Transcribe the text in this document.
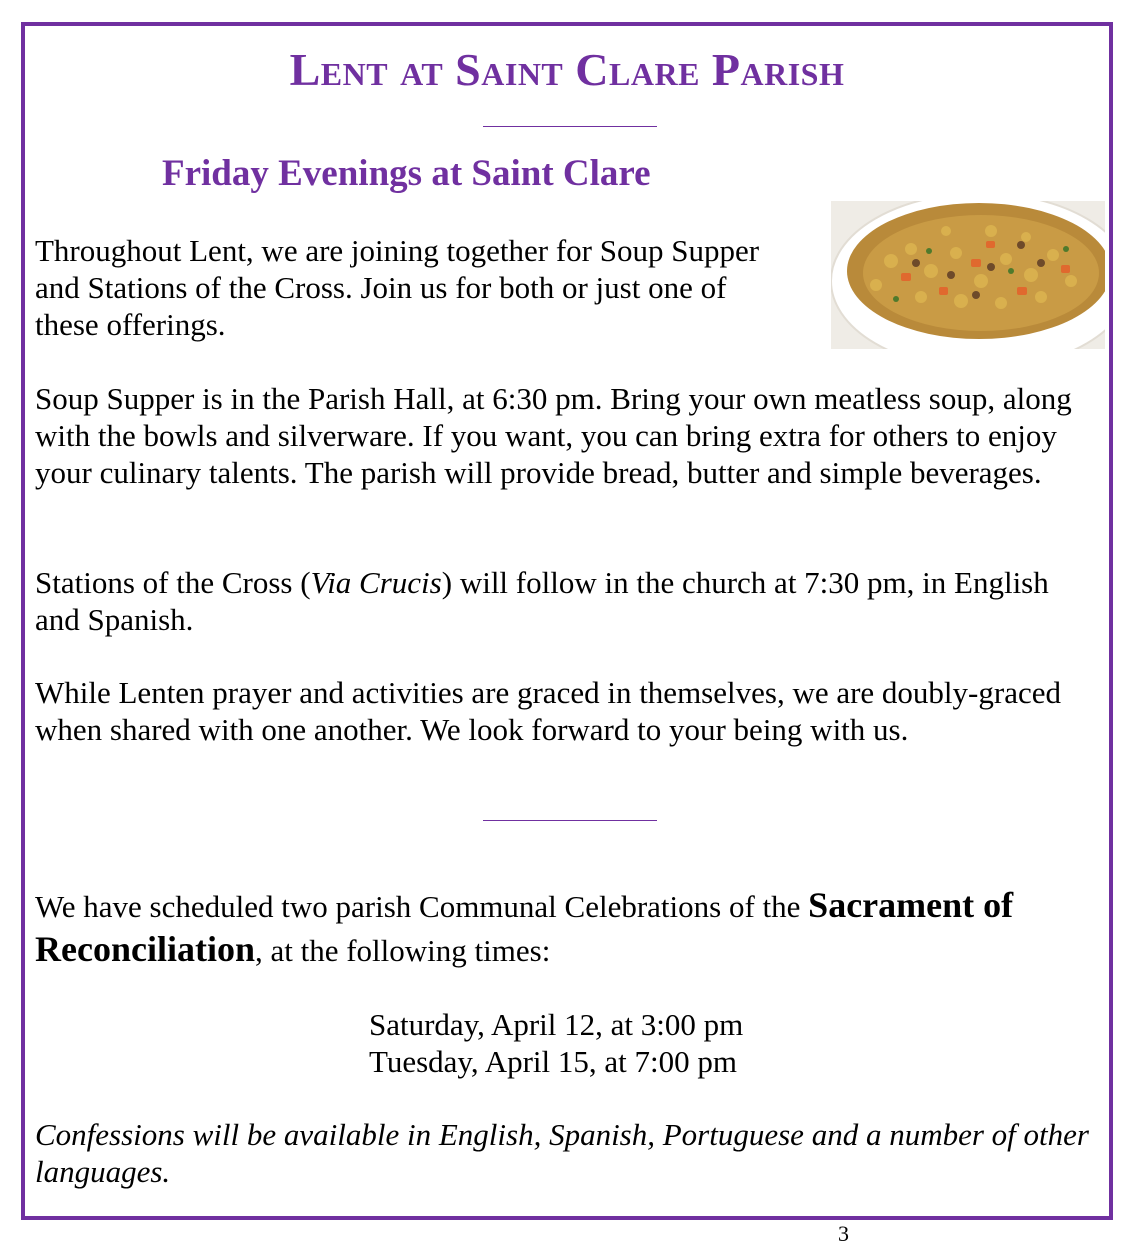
Lent at Saint Clare Parish
Friday Evenings at Saint Clare

Throughout Lent, we are joining together for Soup Supper and Stations of the Cross. Join us for both or just one of these offerings.

Soup Supper is in the Parish Hall, at 6:30 pm. Bring your own meatless soup, along with the bowls and silverware. If you want, you can bring extra for others to enjoy your culinary talents. The parish will provide bread, butter and simple beverages.

Stations of the Cross (Via Crucis) will follow in the church at 7:30 pm, in English and Spanish.

While Lenten prayer and activities are graced in themselves, we are doubly-graced when shared with one another. We look forward to your being with us.

We have scheduled two parish Communal Celebrations of the Sacrament of Reconciliation, at the following times:

Saturday, April 12, at 3:00 pm
Tuesday, April 15, at 7:00 pm

Confessions will be available in English, Spanish, Portuguese and a number of other languages.

3
